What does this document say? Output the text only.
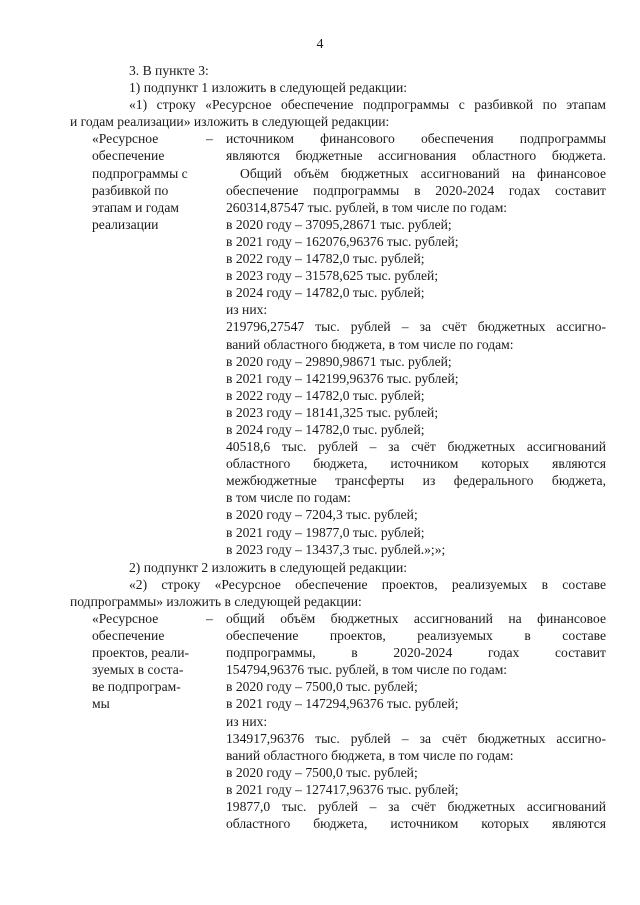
4

3. В пункте 3:

1) подпункт 1 изложить в следующей редакции:

«1) строку «Ресурсное обеспечение подпрограммы с разбивкой по этапам

и годам реализации» изложить в следующей редакции:

«Ресурсное
обеспечение
подпрограммы с
разбивкой по
этапам и годам
реализации
– источником финансового обеспечения подпрограммы
являются бюджетные ассигнования областного бюджета.
Общий объём бюджетных ассигнований на финансовое
обеспечение подпрограммы в 2020-2024 годах составит
260314,87547 тыс. рублей, в том числе по годам:
в 2020 году – 37095,28671 тыс. рублей;
в 2021 году – 162076,96376 тыс. рублей;
в 2022 году – 14782,0 тыс. рублей;
в 2023 году – 31578,625 тыс. рублей;
в 2024 году – 14782,0 тыс. рублей;
из них:
219796,27547 тыс. рублей – за счёт бюджетных ассигно-
ваний областного бюджета, в том числе по годам:
в 2020 году – 29890,98671 тыс. рублей;
в 2021 году – 142199,96376 тыс. рублей;
в 2022 году – 14782,0 тыс. рублей;
в 2023 году – 18141,325 тыс. рублей;
в 2024 году – 14782,0 тыс. рублей;
40518,6 тыс. рублей – за счёт бюджетных ассигнований
областного бюджета, источником которых являются
межбюджетные трансферты из федерального бюджета,
в том числе по годам:
в 2020 году – 7204,3 тыс. рублей;
в 2021 году – 19877,0 тыс. рублей;
в 2023 году – 13437,3 тыс. рублей.»;»;

2) подпункт 2 изложить в следующей редакции:

«2) строку «Ресурсное обеспечение проектов, реализуемых в составе

подпрограммы» изложить в следующей редакции:

«Ресурсное
обеспечение
проектов, реали-
зуемых в соста-
ве подпрограм-
мы
– общий объём бюджетных ассигнований на финансовое
обеспечение проектов, реализуемых в составе
подпрограммы, в 2020-2024 годах составит
154794,96376 тыс. рублей, в том числе по годам:
в 2020 году – 7500,0 тыс. рублей;
в 2021 году – 147294,96376 тыс. рублей;
из них:
134917,96376 тыс. рублей – за счёт бюджетных ассигно-
ваний областного бюджета, в том числе по годам:
в 2020 году – 7500,0 тыс. рублей;
в 2021 году – 127417,96376 тыс. рублей;
19877,0 тыс. рублей – за счёт бюджетных ассигнований
областного бюджета, источником которых являются
